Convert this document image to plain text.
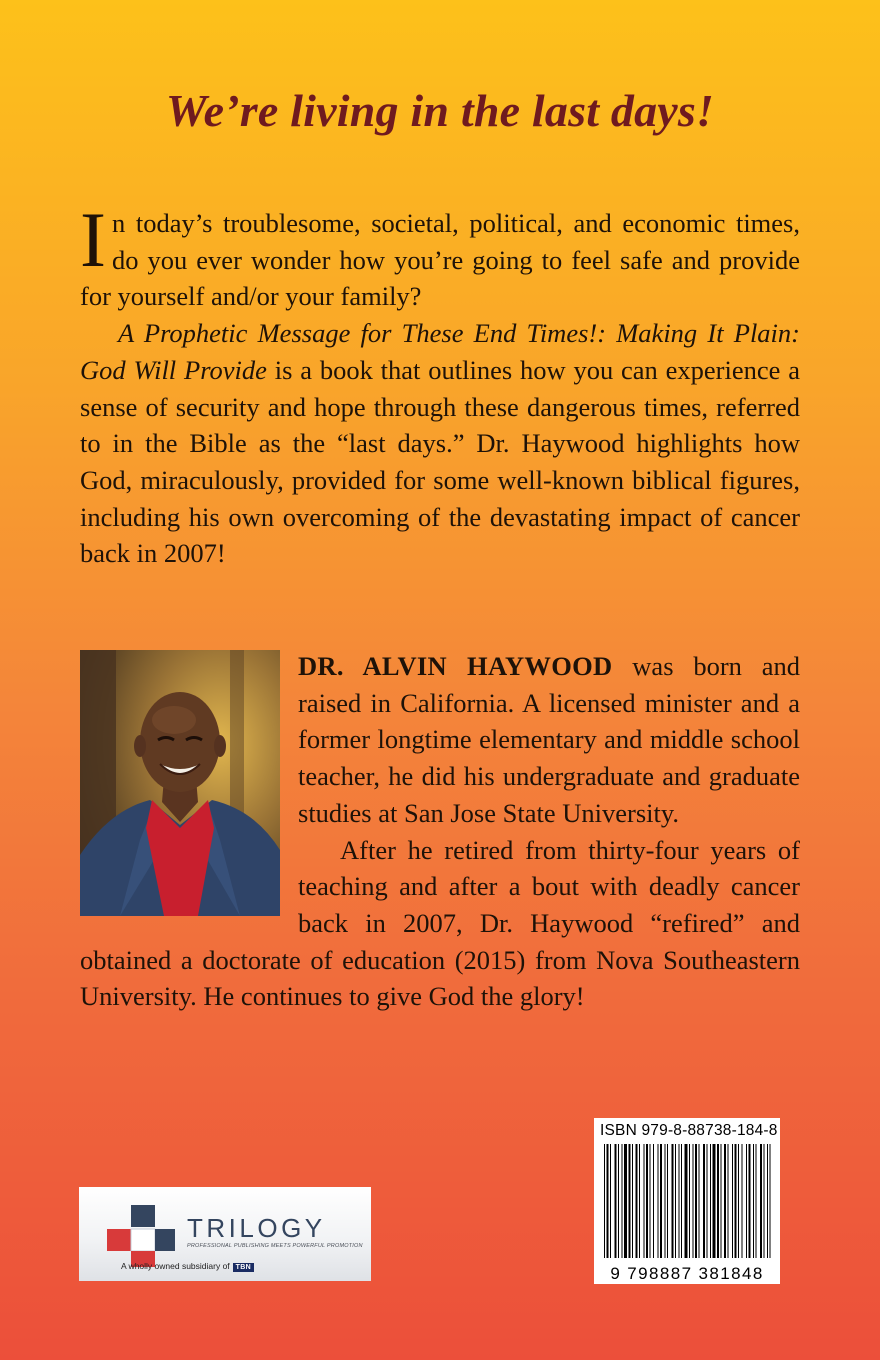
We’re living in the last days!

In today’s troublesome, societal, political, and economic times, do you ever wonder how you’re going to feel safe and provide for yourself and/or your family?

A Prophetic Message for These End Times!: Making It Plain: God Will Provide is a book that outlines how you can experience a sense of security and hope through these dangerous times, referred to in the Bible as the “last days.” Dr. Haywood highlights how God, miraculously, provided for some well-known biblical figures, including his own overcoming of the devastating impact of cancer back in 2007!

DR. ALVIN HAYWOOD was born and raised in California. A licensed minister and a former longtime elementary and middle school teacher, he did his undergraduate and graduate studies at San Jose State University.

After he retired from thirty-four years of teaching and after a bout with deadly cancer back in 2007, Dr. Haywood “refired” and obtained a doctorate of education (2015) from Nova Southeastern University. He continues to give God the glory!

ISBN 979-8-88738-184-8
9 798887 381848
TRILOGY
PROFESSIONAL PUBLISHING MEETS POWERFUL PROMOTION
A wholly owned subsidiary of TBN
